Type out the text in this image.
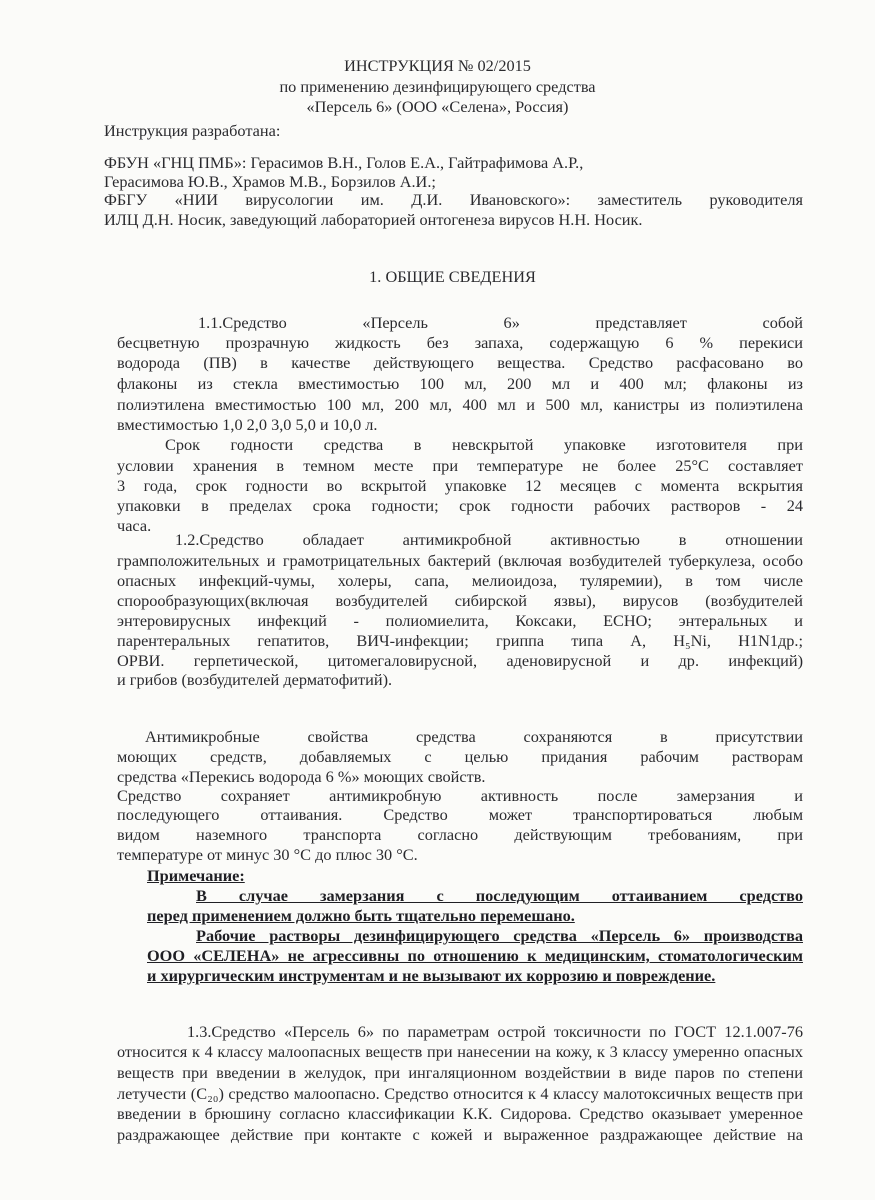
ИНСТРУКЦИЯ № 02/2015
по применению дезинфицирующего средства
«Персель 6» (ООО «Селена», Россия)
Инструкция разработана:
ФБУН «ГНЦ ПМБ»: Герасимов В.Н., Голов Е.А., Гайтрафимова А.Р.,
Герасимова Ю.В., Храмов М.В., Борзилов А.И.;
ФБГУ «НИИ вирусологии им. Д.И. Ивановского»: заместитель руководителя
ИЛЦ Д.Н. Носик, заведующий лабораторией онтогенеза вирусов Н.Н. Носик.
1. ОБЩИЕ СВЕДЕНИЯ
Примечание:
1.1.Средство «Персель 6» представляет собой
бесцветную прозрачную жидкость без запаха, содержащую 6 % перекиси
водорода (ПВ) в качестве действующего вещества. Средство расфасовано во
флаконы из стекла вместимостью 100 мл, 200 мл и 400 мл; флаконы из
полиэтилена вместимостью 100 мл, 200 мл, 400 мл и 500 мл, канистры из полиэтилена
вместимостью 1,0 2,0 3,0 5,0 и 10,0 л.
Срок годности средства в невскрытой упаковке изготовителя при
условии хранения в темном месте при температуре не более 25°С составляет
3 года, срок годности во вскрытой упаковке 12 месяцев с момента вскрытия
упаковки в пределах срока годности; срок годности рабочих растворов - 24
часа.
1.2.Средство обладает антимикробной активностью в отношении
грамположительных и грамотрицательных бактерий (включая возбудителей туберкулеза, особо
опасных инфекций-чумы, холеры, сапа, мелиоидоза, туляремии), в том числе
спорообразующих(включая возбудителей сибирской язвы), вирусов (возбудителей
энтеровирусных инфекций - полиомиелита, Коксаки, ЕСНО; энтеральных и
парентеральных гепатитов, ВИЧ-инфекции; гриппа типа А, H₅Ni, H1N1др.;
ОРВИ. герпетической, цитомегаловирусной, аденовирусной и др. инфекций)
и грибов (возбудителей дерматофитий).
Антимикробные свойства средства сохраняются в присутствии
моющих средств, добавляемых с целью придания рабочим растворам
средства «Перекись водорода 6 %» моющих свойств.
Средство сохраняет антимикробную активность после замерзания и
последующего оттаивания. Средство может транспортироваться любым
видом наземного транспорта согласно действующим требованиям, при
температуре от минус 30 °С до плюс 30 °С.
В случае замерзания с последующим оттаиванием средство
перед применением должно быть тщательно перемешано.
Рабочие растворы дезинфицирующего средства «Персель 6» производства
ООО «СЕЛЕНА» не агрессивны по отношению к медицинским, стоматологическим
и хирургическим инструментам и не вызывают их коррозию и повреждение.
1.3.Средство «Персель 6» по параметрам острой токсичности по ГОСТ 12.1.007-76
относится к 4 классу малоопасных веществ при нанесении на кожу, к 3 классу умеренно опасных
веществ при введении в желудок, при ингаляционном воздействии в виде паров по степени
летучести (С₂₀) средство малоопасно. Средство относится к 4 классу малотоксичных веществ при
введении в брюшину согласно классификации К.К. Сидорова. Средство оказывает умеренное
раздражающее действие при контакте с кожей и выраженное раздражающее действие на
